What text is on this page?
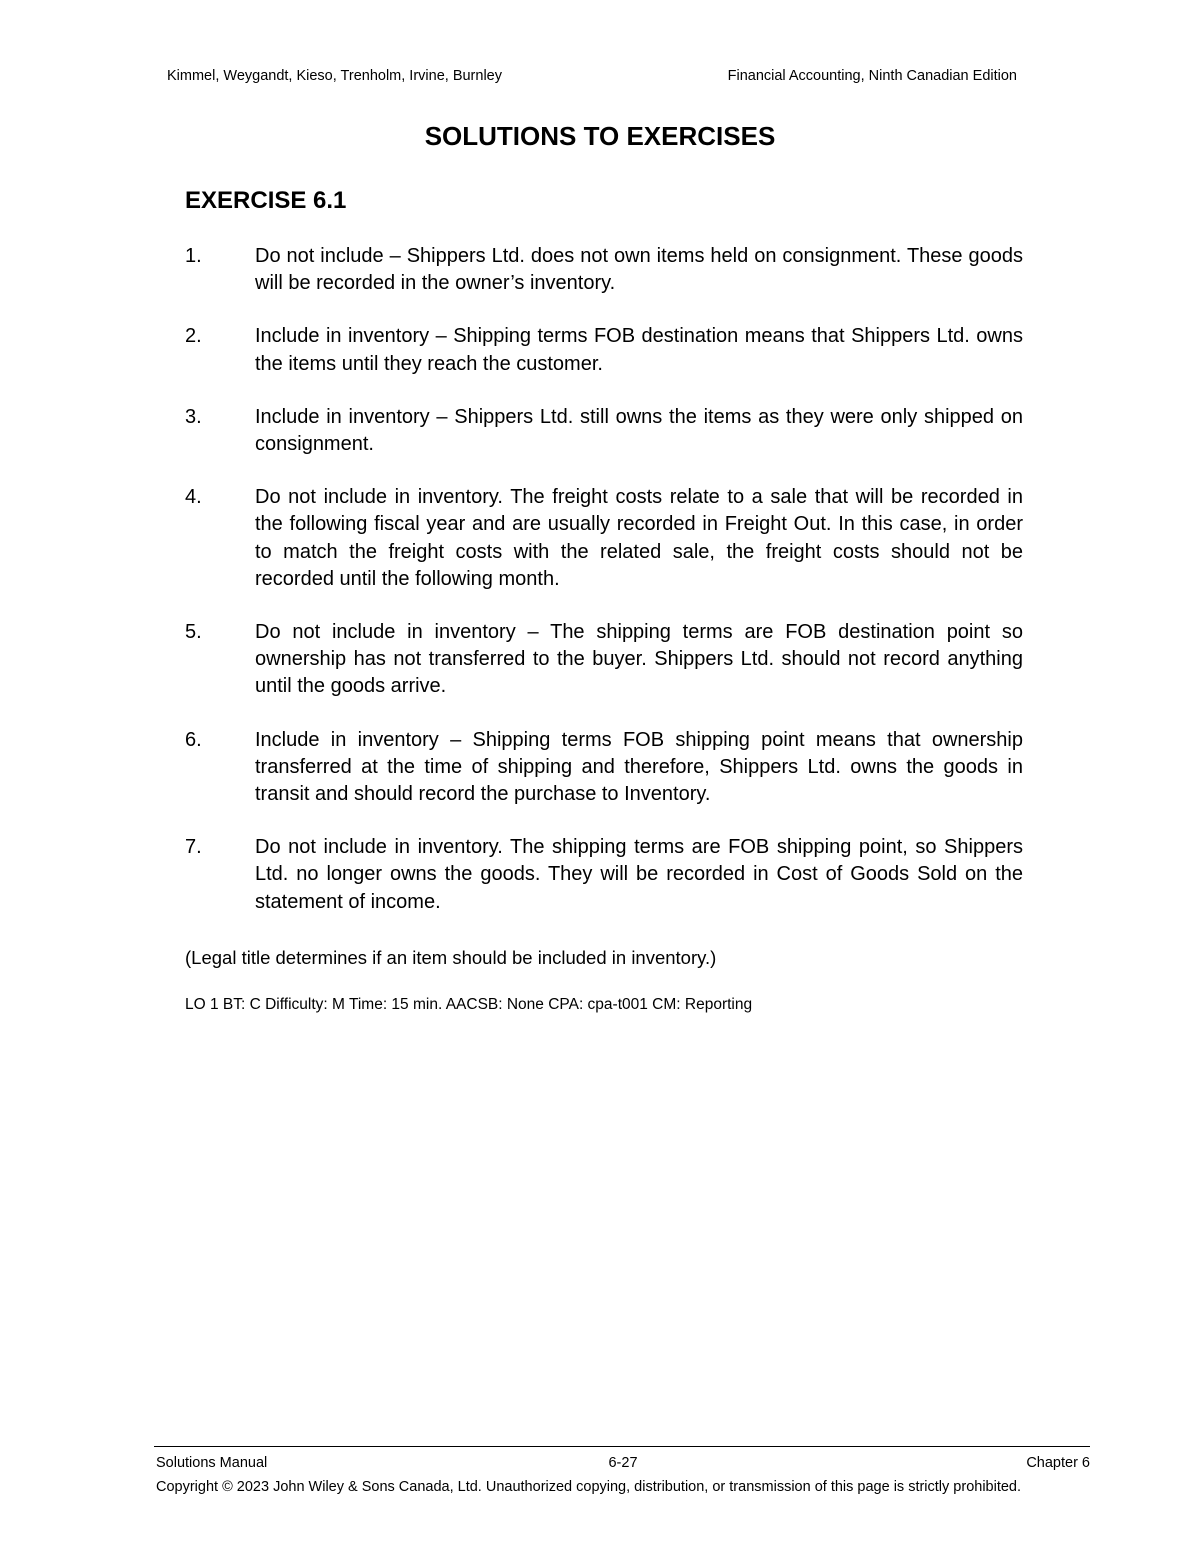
Kimmel, Weygandt, Kieso, Trenholm, Irvine, Burnley	Financial Accounting, Ninth Canadian Edition
SOLUTIONS TO EXERCISES
EXERCISE 6.1
1.	Do not include – Shippers Ltd. does not own items held on consignment. These goods will be recorded in the owner’s inventory.
2.	Include in inventory – Shipping terms FOB destination means that Shippers Ltd. owns the items until they reach the customer.
3.	Include in inventory – Shippers Ltd. still owns the items as they were only shipped on consignment.
4.	Do not include in inventory. The freight costs relate to a sale that will be recorded in the following fiscal year and are usually recorded in Freight Out. In this case, in order to match the freight costs with the related sale, the freight costs should not be recorded until the following month.
5.	Do not include in inventory – The shipping terms are FOB destination point so ownership has not transferred to the buyer. Shippers Ltd. should not record anything until the goods arrive.
6.	Include in inventory – Shipping terms FOB shipping point means that ownership transferred at the time of shipping and therefore, Shippers Ltd. owns the goods in transit and should record the purchase to Inventory.
7.	Do not include in inventory. The shipping terms are FOB shipping point, so Shippers Ltd. no longer owns the goods. They will be recorded in Cost of Goods Sold on the statement of income.

(Legal title determines if an item should be included in inventory.)

LO 1 BT: C Difficulty: M Time: 15 min. AACSB: None CPA: cpa-t001 CM: Reporting

Solutions Manual	6-27	Chapter 6

Copyright © 2023 John Wiley & Sons Canada, Ltd. Unauthorized copying, distribution, or transmission of this page is strictly prohibited.
